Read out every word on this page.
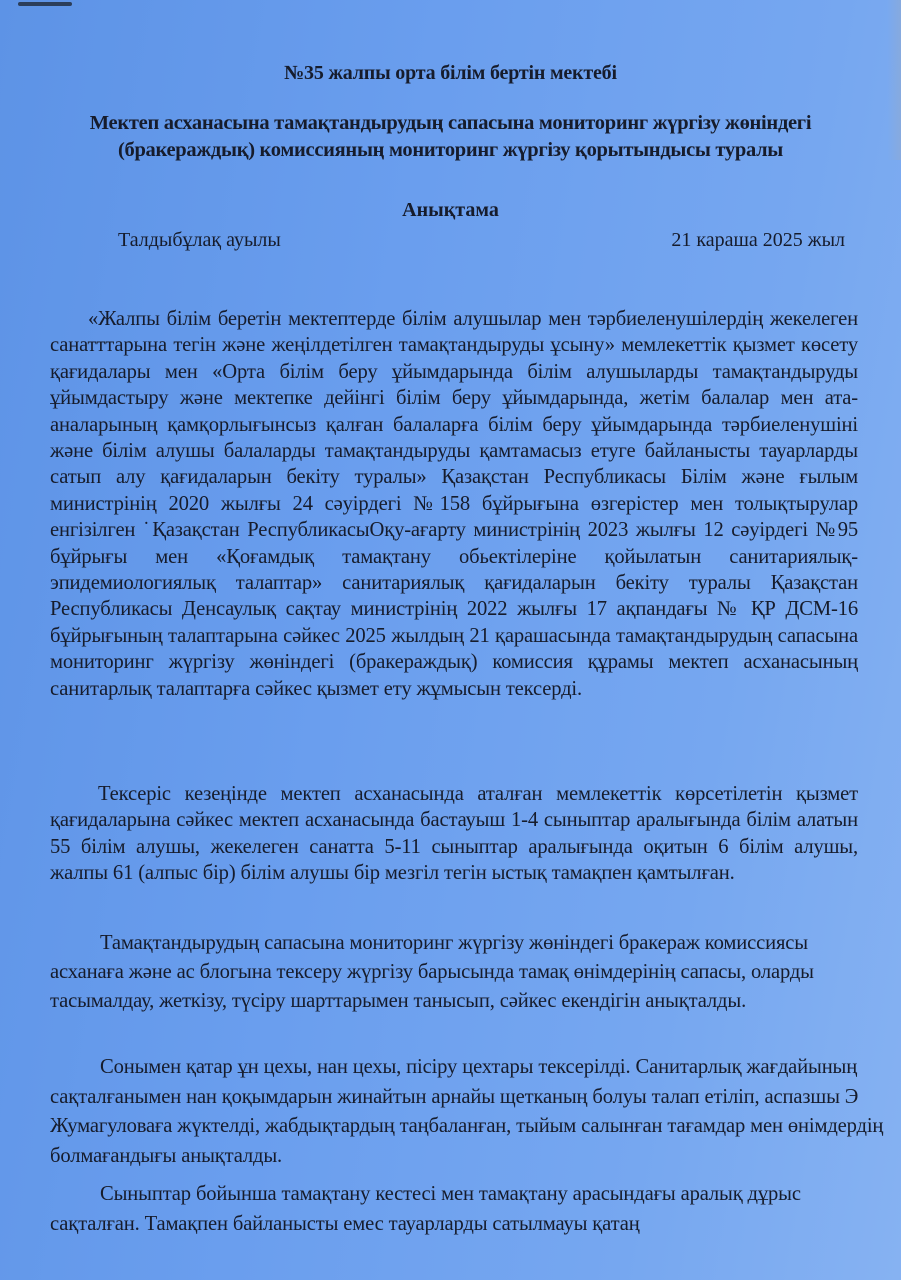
№35 жалпы орта білім бертін мектебі
Мектеп асханасына тамақтандырудың сапасына мониторинг жүргізу жөніндегі (бракераждық) комиссияның мониторинг жүргізу қорытындысы туралы
Анықтама
Талдыбұлақ ауылы	21 караша 2025 жыл
«Жалпы білім беретін мектептерде білім алушылар мен тәрбиеленушілердің жекелеген санатттарына тегін және жеңілдетілген тамақтандыруды ұсыну» мемлекеттік қызмет көсету қағидалары мен «Орта білім беру ұйымдарында білім алушыларды тамақтандыруды ұйымдастыру және мектепке дейінгі білім беру ұйымдарында, жетім балалар мен ата-аналарының қамқорлығынсыз қалған балаларға білім беру ұйымдарында тәрбиеленушіні және білім алушы балаларды тамақтандыруды қамтамасыз етуге байланысты тауарларды сатып алу қағидаларын бекіту туралы» Қазақстан Республикасы Білім және ғылым министрінің 2020 жылғы 24 сәуірдегі №158 бұйрығына өзгерістер мен толықтырулар енгізілген ˙Қазақстан РеспубликасыОқу-ағарту министрінің 2023 жылғы 12 сәуірдегі №95 бұйрығы мен «Қоғамдық тамақтану обьектілеріне қойылатын санитариялық-эпидемиологиялық талаптар» санитариялық қағидаларын бекіту туралы Қазақстан Республикасы Денсаулық сақтау министрінің 2022 жылғы 17 ақпандағы № ҚР ДСМ-16 бұйрығының талаптарына сәйкес 2025 жылдың 21 қарашасында тамақтандырудың сапасына мониторинг жүргізу жөніндегі (бракераждық) комиссия құрамы мектеп асханасының санитарлық талаптарға сәйкес қызмет ету жұмысын тексерді.
Тексеріс кезеңінде мектеп асханасында аталған мемлекеттік көрсетілетін қызмет қағидаларына сәйкес мектеп асханасында бастауыш 1-4 сыныптар аралығында білім алатын 55 білім алушы, жекелеген санатта 5-11 сыныптар аралығында оқитын 6 білім алушы, жалпы 61 (алпыс бір) білім алушы бір мезгіл тегін ыстық тамақпен қамтылған.
Тамақтандырудың сапасына мониторинг жүргізу жөніндегі бракераж комиссиясы асханаға және ас блогына тексеру жүргізу барысында тамақ өнімдерінің сапасы, оларды тасымалдау, жеткізу, түсіру шарттарымен танысып, сәйкес екендігін анықталды.
Сонымен қатар ұн цехы, нан цехы, пісіру цехтары тексерілді. Санитарлық жағдайының сақталғанымен нан қоқымдарын жинайтын арнайы щетканың болуы талап етіліп, аспазшы Э Жумагуловаға жүктелді, жабдықтардың таңбаланған, тыйым салынған тағамдар мен өнімдердің болмағандығы анықталды.
Сыныптар бойынша тамақтану кестесі мен тамақтану арасындағы аралық дұрыс сақталған. Тамақпен байланысты емес тауарларды сатылмауы қатаң
